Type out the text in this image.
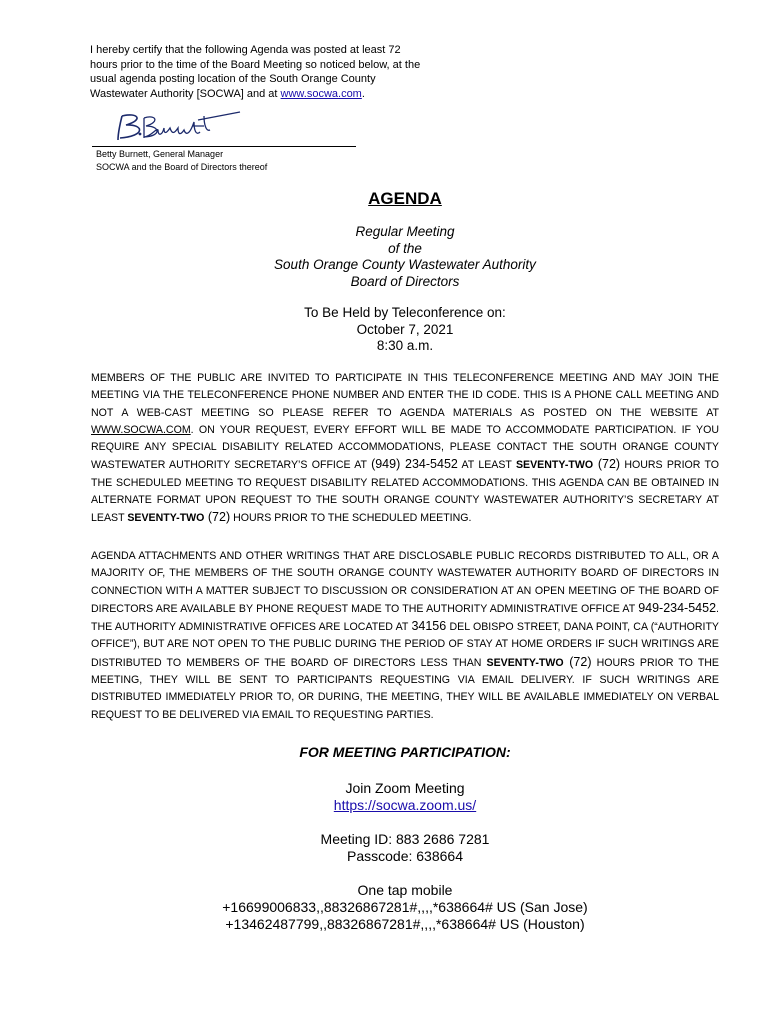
I hereby certify that the following Agenda was posted at least 72 hours prior to the time of the Board Meeting so noticed below, at the usual agenda posting location of the South Orange County Wastewater Authority [SOCWA] and at www.socwa.com.
Betty Burnett, General Manager
SOCWA and the Board of Directors thereof
AGENDA
Regular Meeting
of the
South Orange County Wastewater Authority
Board of Directors
To Be Held by Teleconference on:
October 7, 2021
8:30 a.m.
MEMBERS OF THE PUBLIC ARE INVITED TO PARTICIPATE IN THIS TELECONFERENCE MEETING AND MAY JOIN THE MEETING VIA THE TELECONFERENCE PHONE NUMBER AND ENTER THE ID CODE. THIS IS A PHONE CALL MEETING AND NOT A WEB-CAST MEETING SO PLEASE REFER TO AGENDA MATERIALS AS POSTED ON THE WEBSITE AT WWW.SOCWA.COM. ON YOUR REQUEST, EVERY EFFORT WILL BE MADE TO ACCOMMODATE PARTICIPATION. IF YOU REQUIRE ANY SPECIAL DISABILITY RELATED ACCOMMODATIONS, PLEASE CONTACT THE SOUTH ORANGE COUNTY WASTEWATER AUTHORITY SECRETARY’S OFFICE AT (949) 234-5452 AT LEAST SEVENTY-TWO (72) HOURS PRIOR TO THE SCHEDULED MEETING TO REQUEST DISABILITY RELATED ACCOMMODATIONS. THIS AGENDA CAN BE OBTAINED IN ALTERNATE FORMAT UPON REQUEST TO THE SOUTH ORANGE COUNTY WASTEWATER AUTHORITY’S SECRETARY AT LEAST SEVENTY-TWO (72) HOURS PRIOR TO THE SCHEDULED MEETING.
AGENDA ATTACHMENTS AND OTHER WRITINGS THAT ARE DISCLOSABLE PUBLIC RECORDS DISTRIBUTED TO ALL, OR A MAJORITY OF, THE MEMBERS OF THE SOUTH ORANGE COUNTY WASTEWATER AUTHORITY BOARD OF DIRECTORS IN CONNECTION WITH A MATTER SUBJECT TO DISCUSSION OR CONSIDERATION AT AN OPEN MEETING OF THE BOARD OF DIRECTORS ARE AVAILABLE BY PHONE REQUEST MADE TO THE AUTHORITY ADMINISTRATIVE OFFICE AT 949-234-5452. THE AUTHORITY ADMINISTRATIVE OFFICES ARE LOCATED AT 34156 DEL OBISPO STREET, DANA POINT, CA (“AUTHORITY OFFICE”), BUT ARE NOT OPEN TO THE PUBLIC DURING THE PERIOD OF STAY AT HOME ORDERS IF SUCH WRITINGS ARE DISTRIBUTED TO MEMBERS OF THE BOARD OF DIRECTORS LESS THAN SEVENTY-TWO (72) HOURS PRIOR TO THE MEETING, THEY WILL BE SENT TO PARTICIPANTS REQUESTING VIA EMAIL DELIVERY. IF SUCH WRITINGS ARE DISTRIBUTED IMMEDIATELY PRIOR TO, OR DURING, THE MEETING, THEY WILL BE AVAILABLE IMMEDIATELY ON VERBAL REQUEST TO BE DELIVERED VIA EMAIL TO REQUESTING PARTIES.
FOR MEETING PARTICIPATION:
Join Zoom Meeting
https://socwa.zoom.us/
Meeting ID: 883 2686 7281
Passcode: 638664
One tap mobile
+16699006833,,88326867281#,,,,*638664# US (San Jose)
+13462487799,,88326867281#,,,,*638664# US (Houston)
